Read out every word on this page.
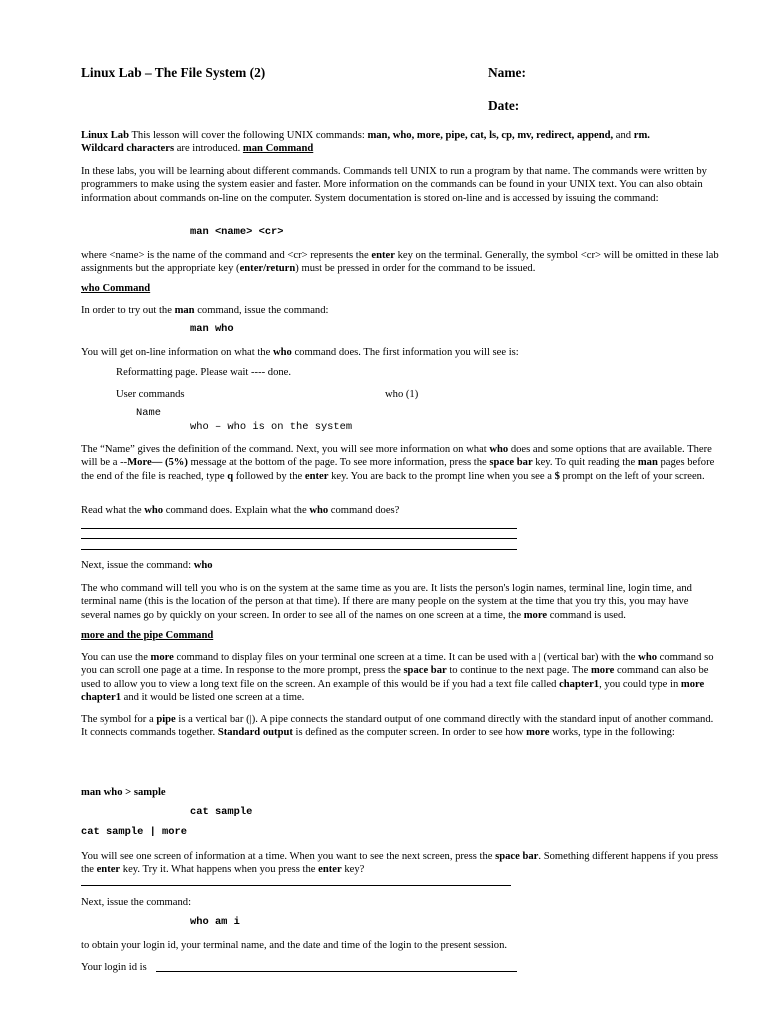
Linux Lab – The File System (2)	Name:
Date:
Linux Lab This lesson will cover the following UNIX commands: man, who, more, pipe, cat, ls, cp, mv, redirect, append, and rm.
Wildcard characters are introduced. man Command
In these labs, you will be learning about different commands. Commands tell UNIX to run a program by that name. The commands were written by programmers to make using the system easier and faster. More information on the commands can be found in your UNIX text. You can also obtain information about commands on-line on the computer. System documentation is stored on-line and is accessed by issuing the command:
man <name> <cr>
where <name> is the name of the command and <cr> represents the enter key on the terminal. Generally, the symbol <cr> will be omitted in these lab assignments but the appropriate key (enter/return) must be pressed in order for the command to be issued.
who Command
In order to try out the man command, issue the command:
man who
You will get on-line information on what the who command does. The first information you will see is:
Reformatting page. Please wait ---- done.
User commands	who (1)
Name
who – who is on the system
The “Name” gives the definition of the command. Next, you will see more information on what who does and some options that are available. There will be a --More— (5%) message at the bottom of the page. To see more information, press the space bar key. To quit reading the man pages before the end of the file is reached, type q followed by the enter key. You are back to the prompt line when you see a $ prompt on the left of your screen.
Read what the who command does. Explain what the who command does?
Next, issue the command: who
The who command will tell you who is on the system at the same time as you are. It lists the person's login names, terminal line, login time, and terminal name (this is the location of the person at that time). If there are many people on the system at the time that you try this, you may have several names go by quickly on your screen. In order to see all of the names on one screen at a time, the more command is used.
more and the pipe Command
You can use the more command to display files on your terminal one screen at a time. It can be used with a | (vertical bar) with the who command so you can scroll one page at a time. In response to the more prompt, press the space bar to continue to the next page. The more command can also be used to allow you to view a long text file on the screen. An example of this would be if you had a text file called chapter1, you could type in more chapter1 and it would be listed one screen at a time.
The symbol for a pipe is a vertical bar (|). A pipe connects the standard output of one command directly with the standard input of another command. It connects commands together. Standard output is defined as the computer screen. In order to see how more works, type in the following:
man who > sample
cat sample
cat sample | more
You will see one screen of information at a time. When you want to see the next screen, press the space bar. Something different happens if you press the enter key. Try it. What happens when you press the enter key?
Next, issue the command:
who am i
to obtain your login id, your terminal name, and the date and time of the login to the present session.
Your login id is
